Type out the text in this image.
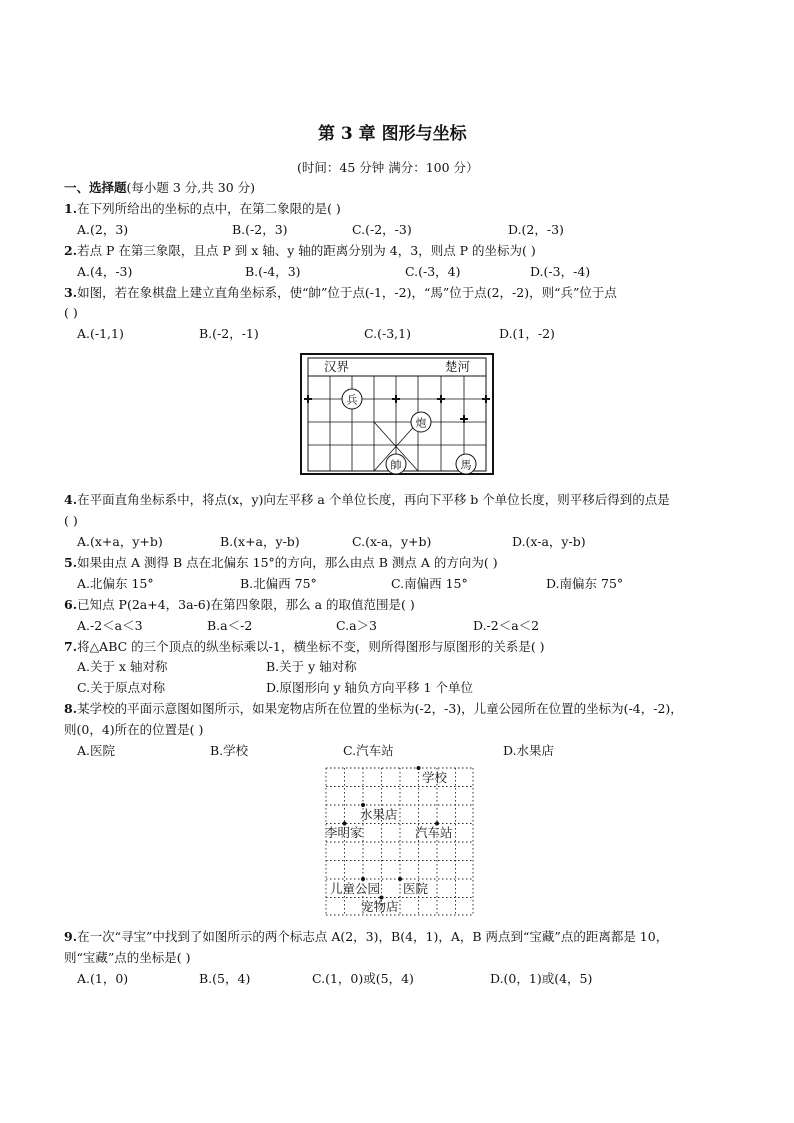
第 3 章 图形与坐标
(时间：45 分钟 满分：100 分）
一、选择题(每小题 3 分,共 30 分)
1.在下列所给出的坐标的点中，在第二象限的是( )
A.(2，3)	B.(-2，3)	C.(-2，-3)	D.(2，-3)
2.若点 P 在第三象限，且点 P 到 x 轴、y 轴的距离分别为 4，3，则点 P 的坐标为( )
A.(4，-3)	B.(-4，3)	C.(-3，4)	D.(-3，-4)
3.如图，若在象棋盘上建立直角坐标系，使“帥”位于点(-1，-2)，“馬”位于点(2，-2)，则“兵”位于点
( )
A.(-1,1)	B.(-2，-1)	C.(-3,1)	D.(1，-2)
汉界	楚河
兵
炮
帥	馬
4.在平面直角坐标系中，将点(x，y)向左平移 a 个单位长度，再向下平移 b 个单位长度，则平移后得到的点是
( )
A.(x+a，y+b)	B.(x+a，y-b)	C.(x-a，y+b)	D.(x-a，y-b)
5.如果由点 A 测得 B 点在北偏东 15°的方向，那么由点 B 测点 A 的方向为( )
A.北偏东 15°	B.北偏西 75°	C.南偏西 15°	D.南偏东 75°
6.已知点 P(2a+4，3a-6)在第四象限，那么 a 的取值范围是( )
A.-2＜a＜3	B.a＜-2	C.a＞3	D.-2＜a＜2
7.将△ABC 的三个顶点的纵坐标乘以-1，横坐标不变，则所得图形与原图形的关系是( )
A.关于 x 轴对称	B.关于 y 轴对称
C.关于原点对称	D.原图形向 y 轴负方向平移 1 个单位
8.某学校的平面示意图如图所示，如果宠物店所在位置的坐标为(-2，-3)，儿童公园所在位置的坐标为(-4，-2)，
则(0，4)所在的位置是( )
A.医院	B.学校	C.汽车站	D.水果店
学校
水果店
李明家	汽车站
儿童公园 医院
宠物店
9.在一次“寻宝”中找到了如图所示的两个标志点 A(2，3)，B(4，1)，A，B 两点到“宝藏”点的距离都是 10，
则“宝藏”点的坐标是( )
A.(1，0)	B.(5，4)	C.(1，0)或(5，4)	D.(0，1)或(4，5)
